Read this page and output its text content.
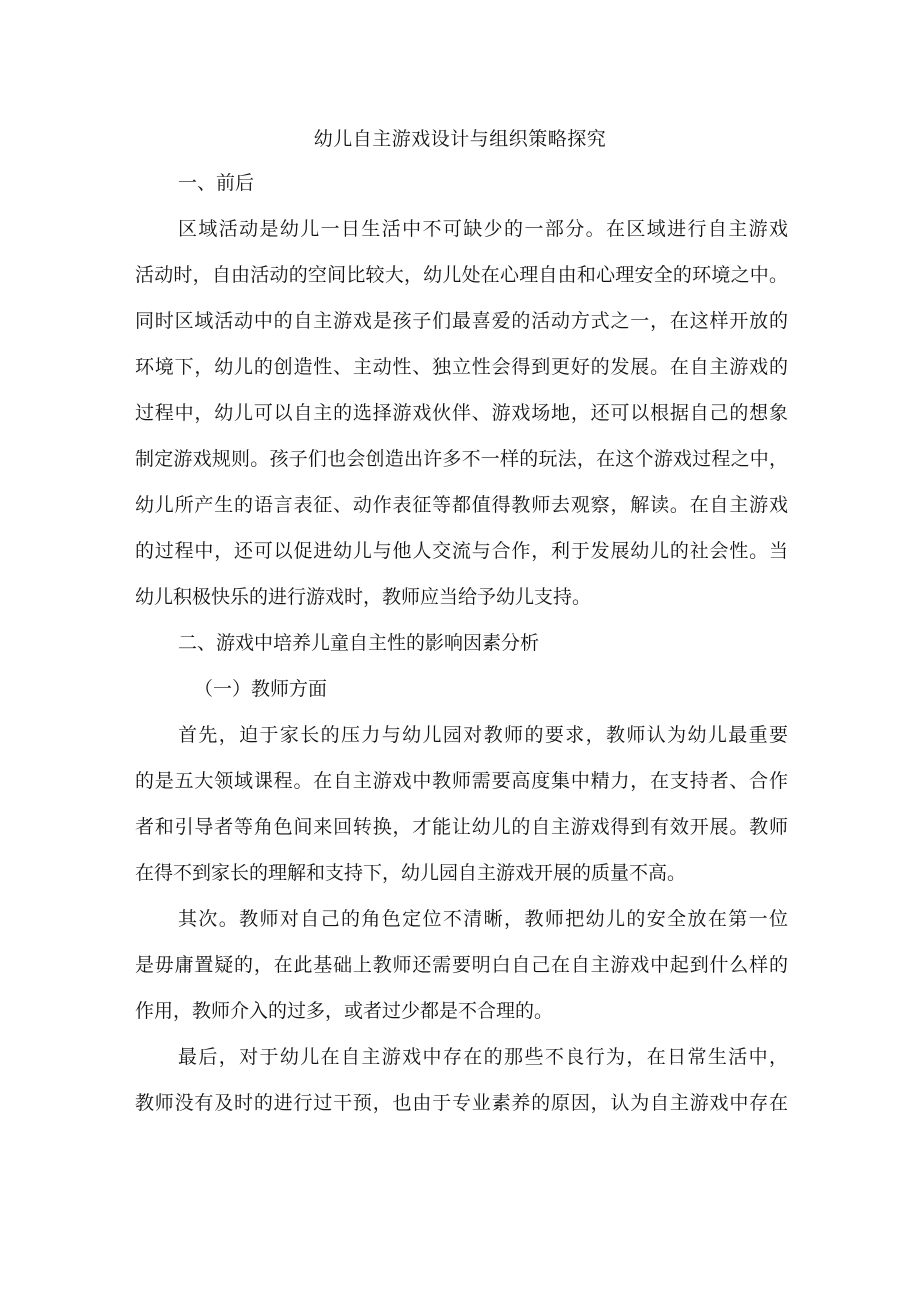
幼儿自主游戏设计与组织策略探究
一、前后
区域活动是幼儿一日生活中不可缺少的一部分。在区域进行自主游戏
活动时，自由活动的空间比较大，幼儿处在心理自由和心理安全的环境之中。
同时区域活动中的自主游戏是孩子们最喜爱的活动方式之一，在这样开放的
环境下，幼儿的创造性、主动性、独立性会得到更好的发展。在自主游戏的
过程中，幼儿可以自主的选择游戏伙伴、游戏场地，还可以根据自己的想象
制定游戏规则。孩子们也会创造出许多不一样的玩法，在这个游戏过程之中，
幼儿所产生的语言表征、动作表征等都值得教师去观察，解读。在自主游戏
的过程中，还可以促进幼儿与他人交流与合作，利于发展幼儿的社会性。当
幼儿积极快乐的进行游戏时，教师应当给予幼儿支持。
二、游戏中培养儿童自主性的影响因素分析
（一）教师方面
首先，迫于家长的压力与幼儿园对教师的要求，教师认为幼儿最重要
的是五大领域课程。在自主游戏中教师需要高度集中精力，在支持者、合作
者和引导者等角色间来回转换，才能让幼儿的自主游戏得到有效开展。教师
在得不到家长的理解和支持下，幼儿园自主游戏开展的质量不高。
其次。教师对自己的角色定位不清晰，教师把幼儿的安全放在第一位
是毋庸置疑的，在此基础上教师还需要明白自己在自主游戏中起到什么样的
作用，教师介入的过多，或者过少都是不合理的。
最后，对于幼儿在自主游戏中存在的那些不良行为，在日常生活中，
教师没有及时的进行过干预，也由于专业素养的原因，认为自主游戏中存在
